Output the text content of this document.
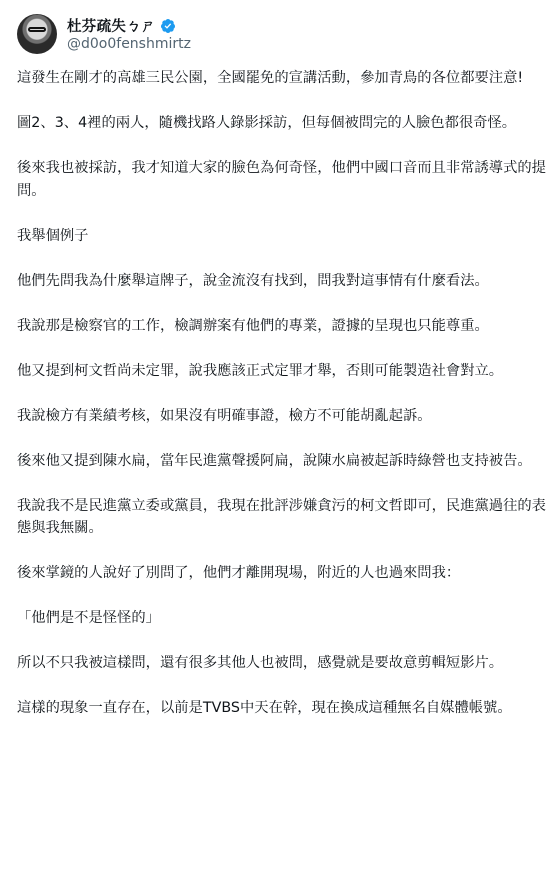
杜芬疏失ㄅㄕ
@d0o0fenshmirtz

這發生在剛才的高雄三民公園，全國罷免的宣講活動，參加青鳥的各位都要注意!

圖2、3、4裡的兩人，隨機找路人錄影採訪，但每個被問完的人臉色都很奇怪。

後來我也被採訪，我才知道大家的臉色為何奇怪，他們中國口音而且非常誘導式的提問。

我舉個例子

他們先問我為什麼舉這牌子，說金流沒有找到，問我對這事情有什麼看法。

我說那是檢察官的工作，檢調辦案有他們的專業，證據的呈現也只能尊重。

他又提到柯文哲尚未定罪，說我應該正式定罪才舉，否則可能製造社會對立。

我說檢方有業績考核，如果沒有明確事證，檢方不可能胡亂起訴。

後來他又提到陳水扁，當年民進黨聲援阿扁，說陳水扁被起訴時綠營也支持被告。

我說我不是民進黨立委或黨員，我現在批評涉嫌貪污的柯文哲即可，民進黨過往的表態與我無關。

後來掌鏡的人說好了別問了，他們才離開現場，附近的人也過來問我：

「他們是不是怪怪的」

所以不只我被這樣問，還有很多其他人也被問，感覺就是要故意剪輯短影片。

這樣的現象一直存在，以前是TVBS中天在幹，現在換成這種無名自媒體帳號。
